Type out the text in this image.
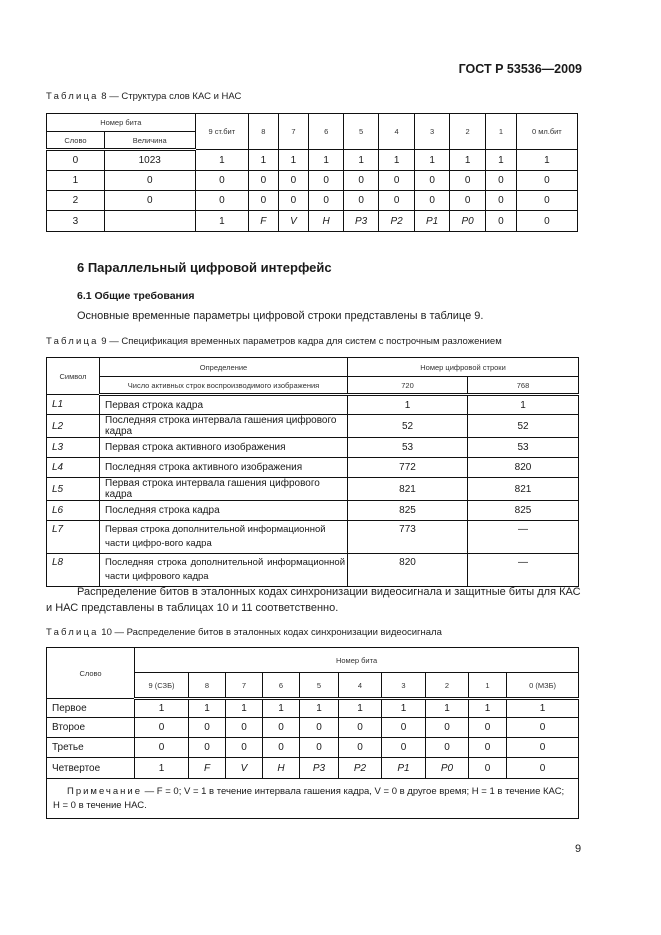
ГОСТ Р 53536—2009
Таблица 8 — Структура слов КАС и НАС
Номер бита		9 ст.бит	8	7	6	5	4	3	2	1	0 мл.бит
Слово	Величина										
0	1023	1	1	1	1	1	1	1	1	1	1
1	0	0	0	0	0	0	0	0	0	0	0
2	0	0	0	0	0	0	0	0	0	0	0
3		1	F	V	H	P3	P2	P1	P0	0	0
6 Параллельный цифровой интерфейс
6.1 Общие требования
Основные временные параметры цифровой строки представлены в таблице 9.
Таблица 9 — Спецификация временных параметров кадра для систем с построчным разложением
Символ	Определение	Номер цифровой строки	
	Число активных строк воспроизводимого изображения	720	768
L1	Первая строка кадра	1	1
L2	Последняя строка интервала гашения цифрового кадра	52	52
L3	Первая строка активного изображения	53	53
L4	Последняя строка активного изображения	772	820
L5	Первая строка интервала гашения цифрового кадра	821	821
L6	Последняя строка кадра	825	825
L7	Первая строка дополнительной информационной части цифро-вого кадра	773	—
L8	Последняя строка дополнительной информационной части цифрового кадра	820	—
Распределение битов в эталонных кодах синхронизации видеосигнала и защитные биты для КАС
и НАС представлены в таблицах 10 и 11 соответственно.
Таблица 10 — Распределение битов в эталонных кодах синхронизации видеосигнала
Слово	Номер бита									
	9 (СЗБ)	8	7	6	5	4	3	2	1	0 (МЗБ)
Первое	1	1	1	1	1	1	1	1	1	1
Второе	0	0	0	0	0	0	0	0	0	0
Третье	0	0	0	0	0	0	0	0	0	0
Четвертое	1	F	V	H	P3	P2	P1	P0	0	0
Примечание — F = 0; V = 1 в течение интервала гашения кадра, V = 0 в другое время; H = 1 в течение КАС; H = 0 в течение НАС.										
9
